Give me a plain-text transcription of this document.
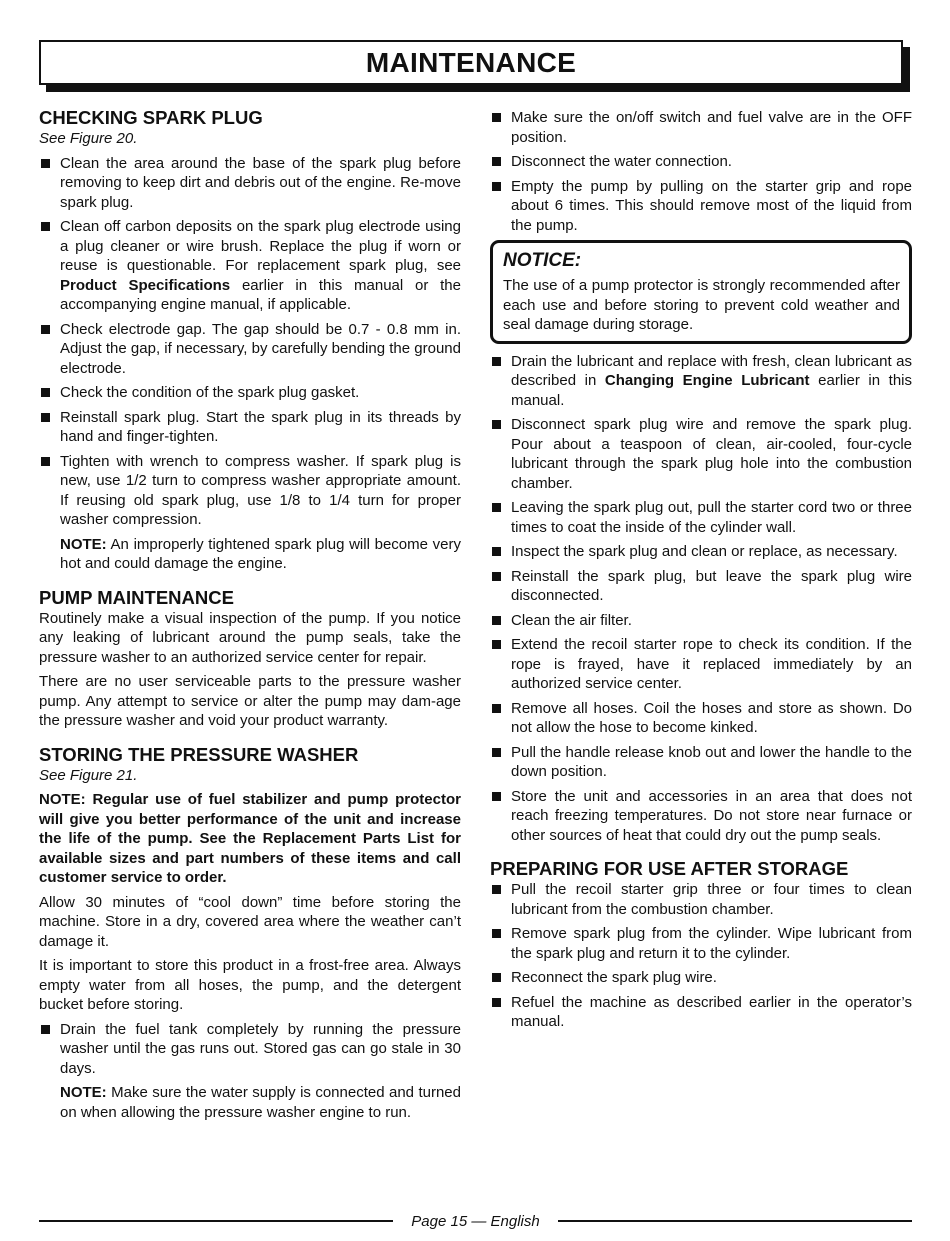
MAINTENANCE
CHECKING SPARK PLUG
See Figure 20.
Clean the area around the base of the spark plug before removing to keep dirt and debris out of the engine. Re-move spark plug.
Clean off carbon deposits on the spark plug electrode using a plug cleaner or wire brush. Replace the plug if worn or reuse is questionable. For replacement spark plug, see Product Specifications earlier in this manual or the accompanying engine manual, if applicable.
Check electrode gap. The gap should be 0.7 - 0.8 mm in. Adjust the gap, if necessary, by carefully bending the ground electrode.
Check the condition of the spark plug gasket.
Reinstall spark plug. Start the spark plug in its threads by hand and finger-tighten.
Tighten with wrench to compress washer. If spark plug is new, use 1/2 turn to compress washer appropriate amount. If reusing old spark plug, use 1/8 to 1/4 turn for proper washer compression.
NOTE: An improperly tightened spark plug will become very hot and could damage the engine.
PUMP MAINTENANCE

Routinely make a visual inspection of the pump. If you notice any leaking of lubricant around the pump seals, take the pressure washer to an authorized service center for repair.

There are no user serviceable parts to the pressure washer pump. Any attempt to service or alter the pump may dam-age the pressure washer and void your product warranty.

STORING THE PRESSURE WASHER
See Figure 21.
NOTE: Regular use of fuel stabilizer and pump protector will give you better performance of the unit and increase the life of the pump. See the Replacement Parts List for available sizes and part numbers of these items and call customer service to order.

Allow 30 minutes of “cool down” time before storing the machine. Store in a dry, covered area where the weather can’t damage it.

It is important to store this product in a frost-free area. Always empty water from all hoses, the pump, and the detergent bucket before storing.

Drain the fuel tank completely by running the pressure washer until the gas runs out. Stored gas can go stale in 30 days.
NOTE: Make sure the water supply is connected and turned on when allowing the pressure washer engine to run.
Make sure the on/off switch and fuel valve are in the OFF position.
Disconnect the water connection.
Empty the pump by pulling on the starter grip and rope about 6 times. This should remove most of the liquid from the pump.
NOTICE:

The use of a pump protector is strongly recommended after each use and before storing to prevent cold weather and seal damage during storage.

Drain the lubricant and replace with fresh, clean lubricant as described in Changing Engine Lubricant earlier in this manual.
Disconnect spark plug wire and remove the spark plug. Pour about a teaspoon of clean, air-cooled, four-cycle lubricant through the spark plug hole into the combustion chamber.
Leaving the spark plug out, pull the starter cord two or three times to coat the inside of the cylinder wall.
Inspect the spark plug and clean or replace, as necessary.
Reinstall the spark plug, but leave the spark plug wire disconnected.
Clean the air filter.
Extend the recoil starter rope to check its condition. If the rope is frayed, have it replaced immediately by an authorized service center.
Remove all hoses. Coil the hoses and store as shown. Do not allow the hose to become kinked.
Pull the handle release knob out and lower the handle to the down position.
Store the unit and accessories in an area that does not reach freezing temperatures. Do not store near furnace or other sources of heat that could dry out the pump seals.
PREPARING FOR USE AFTER STORAGE
Pull the recoil starter grip three or four times to clean lubricant from the combustion chamber.
Remove spark plug from the cylinder. Wipe lubricant from the spark plug and return it to the cylinder.
Reconnect the spark plug wire.
Refuel the machine as described earlier in the operator’s manual.
Page 15 — English
